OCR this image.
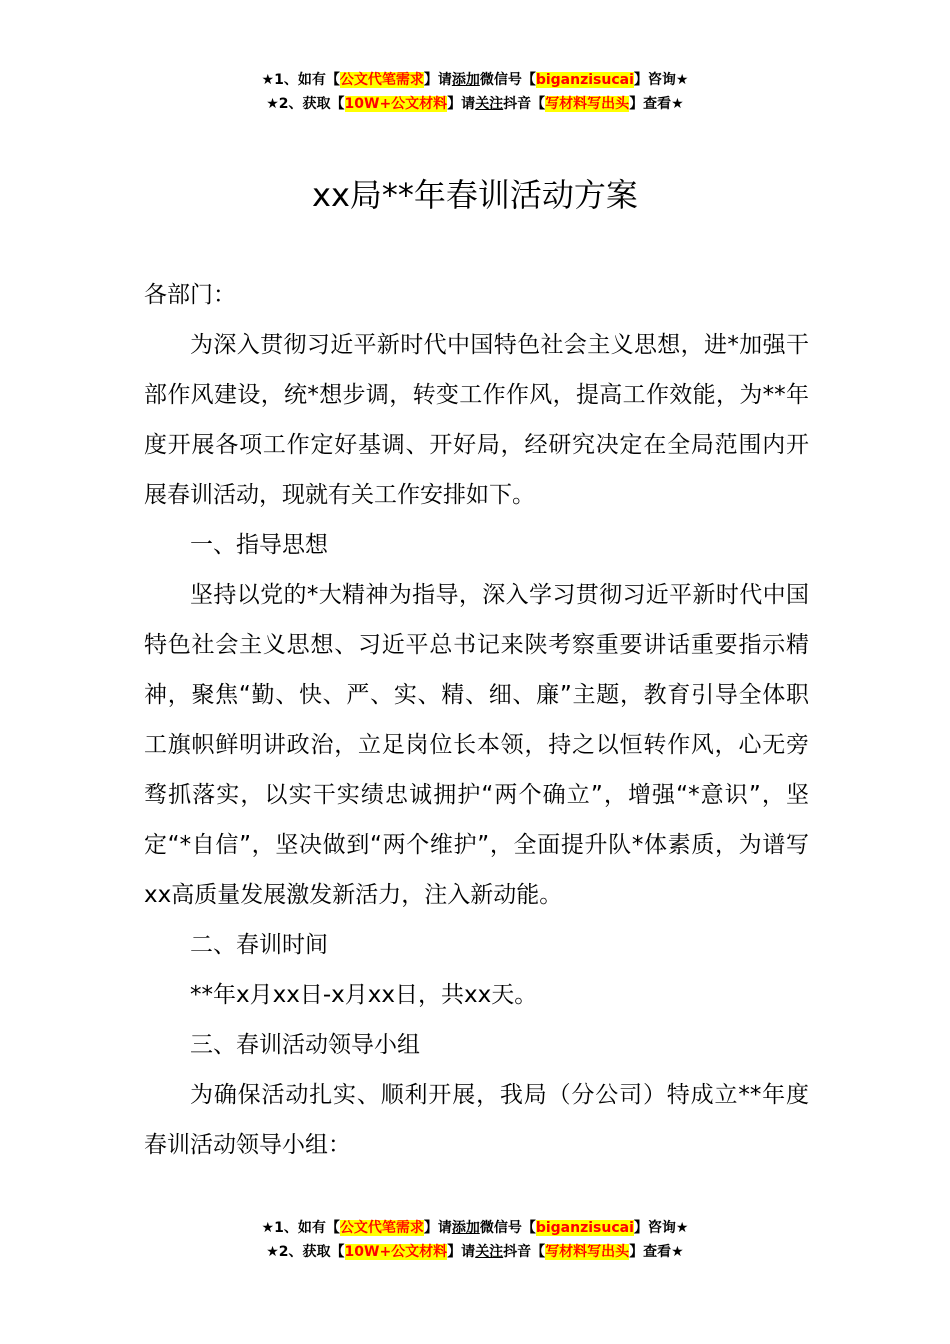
★1、如有【公文代笔需求】请添加微信号【biganzisucai】咨询★
★2、获取【10W+公文材料】请关注抖音【写材料写出头】查看★
xx局**年春训活动方案

各部门：

为深入贯彻习近平新时代中国特色社会主义思想，进*加强干部作风建设，统*想步调，转变工作作风，提高工作效能，为**年度开展各项工作定好基调、开好局，经研究决定在全局范围内开展春训活动，现就有关工作安排如下。

一、指导思想

坚持以党的*大精神为指导，深入学习贯彻习近平新时代中国特色社会主义思想、习近平总书记来陕考察重要讲话重要指示精神，聚焦“勤、快、严、实、精、细、廉”主题，教育引导全体职工旗帜鲜明讲政治，立足岗位长本领，持之以恒转作风，心无旁骛抓落实，以实干实绩忠诚拥护“两个确立”，增强“*意识”，坚定“*自信”，坚决做到“两个维护”，全面提升队*体素质，为谱写xx高质量发展激发新活力，注入新动能。

二、春训时间

**年x月xx日-x月xx日，共xx天。

三、春训活动领导小组

为确保活动扎实、顺利开展，我局（分公司）特成立**年度春训活动领导小组：

★1、如有【公文代笔需求】请添加微信号【biganzisucai】咨询★
★2、获取【10W+公文材料】请关注抖音【写材料写出头】查看★
